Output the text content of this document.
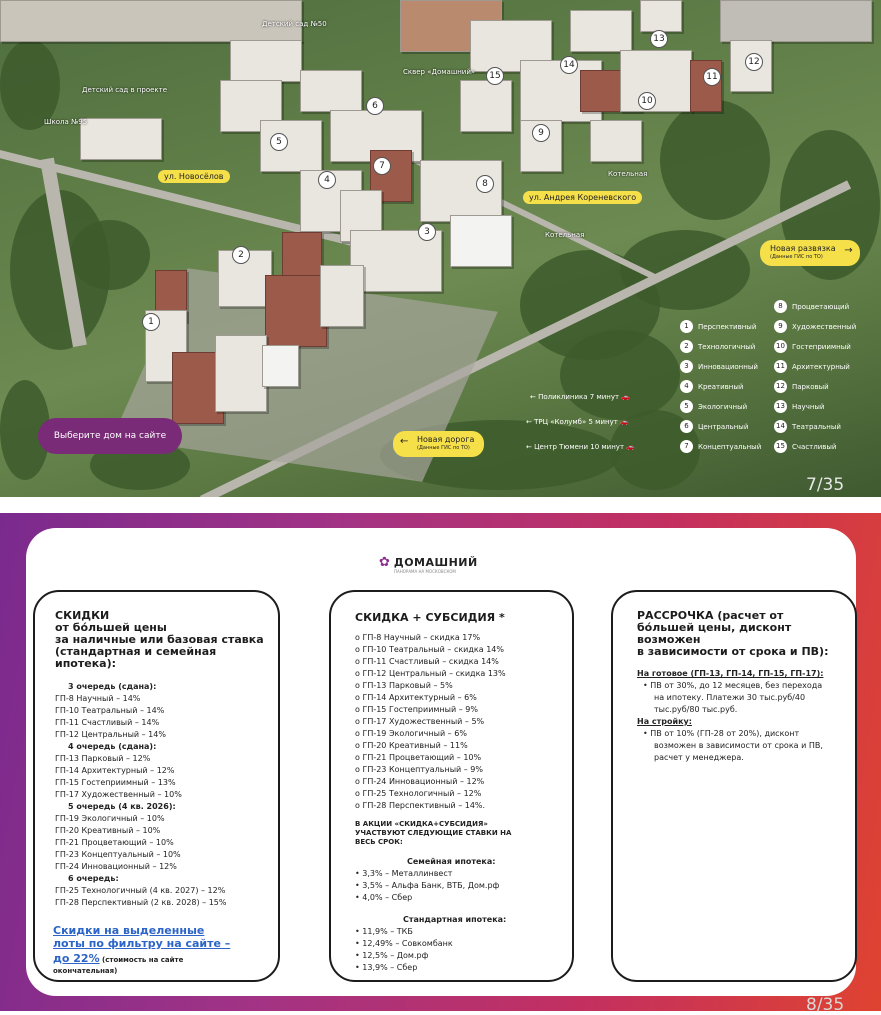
1
2
3
4
5
6
7
8
9
10
11
12
13
14
15
Детский сад №50
Детский сад в проекте
Школа №95
Сквер «Домашний»
Котельная
Котельная
ул. Новосёлов
ул. Андрея Кореневского
Новая развязка
(Данные ГИС по ТО)
→
← Новая дорога
(Данные ГИС по ТО)
← Поликлиника 7 минут 🚗
← ТРЦ «Колумб» 5 минут 🚗
← Центр Тюмени 10 минут 🚗
Выберите дом на сайте
8	Процветающий
1	Перспективный	9	Художественный
2	Технологичный	10 Гостеприимный
3	Инновационный	11 Архитектурный
4	Креативный	12 Парковый
5	Экологичный	13 Научный
6	Центральный	14 Театральный
7	Концептуальный 15 Счастливый
7/35
✿ ДОМАШНИЙ
ПАНОРАМА НА МОСКОВСКОМ
СКИДКИ
от бо́льшей цены
за наличные или базовая ставка
(стандартная и семейная
ипотека):
3 очередь (сдана):
ГП-8 Научный – 14%
ГП-10 Театральный – 14%
ГП-11 Счастливый – 14%
ГП-12 Центральный – 14%
4 очередь (сдана):
ГП-13 Парковый – 12%
ГП-14 Архитектурный – 12%
ГП-15 Гостеприимный – 13%
ГП-17 Художественный – 10%
5 очередь (4 кв. 2026):
ГП-19 Экологичный – 10%
ГП-20 Креативный – 10%
ГП-21 Процветающий – 10%
ГП-23 Концептуальный – 10%
ГП-24 Инновационный – 12%
6 очередь:
ГП-25 Технологичный (4 кв. 2027) – 12%
ГП-28 Перспективный (2 кв. 2028) – 15%
Скидки на выделенные
лоты по фильтру на сайте –
до 22% (стоимость на сайте
окончательная)
СКИДКА + СУБСИДИЯ *
o ГП-8 Научный – скидка 17%
o ГП-10 Театральный – скидка 14%
o ГП-11 Счастливый – скидка 14%
o ГП-12 Центральный – скидка 13%
o ГП-13 Парковый – 5%
o ГП-14 Архитектурный – 6%
o ГП-15 Гостеприимный – 9%
o ГП-17 Художественный – 5%
o ГП-19 Экологичный – 6%
o ГП-20 Креативный – 11%
o ГП-21 Процветающий – 10%
o ГП-23 Концептуальный – 9%
o ГП-24 Инновационный – 12%
o ГП-25 Технологичный – 12%
o ГП-28 Перспективный – 14%.
В АКЦИИ «СКИДКА+СУБСИДИЯ»
УЧАСТВУЮТ СЛЕДУЮЩИЕ СТАВКИ НА
ВЕСЬ СРОК:
Семейная ипотека:
• 3,3% – Металлинвест
• 3,5% – Альфа Банк, ВТБ, Дом.рф
• 4,0% – Сбер
Стандартная ипотека:
• 11,9% – ТКБ
• 12,49% – Совкомбанк
• 12,5% – Дом.рф
• 13,9% – Сбер
РАССРОЧКА (расчет от
бо́льшей цены, дисконт
возможен
в зависимости от срока и ПВ):
На готовое (ГП-13, ГП-14, ГП-15, ГП-17):
• ПВ от 30%, до 12 месяцев, без перехода
на ипотеку. Платежи 30 тыс.руб/40
тыс.руб/80 тыс.руб.
На стройку:
• ПВ от 10% (ГП-28 от 20%), дисконт
возможен в зависимости от срока и ПВ,
расчет у менеджера.
8/35
